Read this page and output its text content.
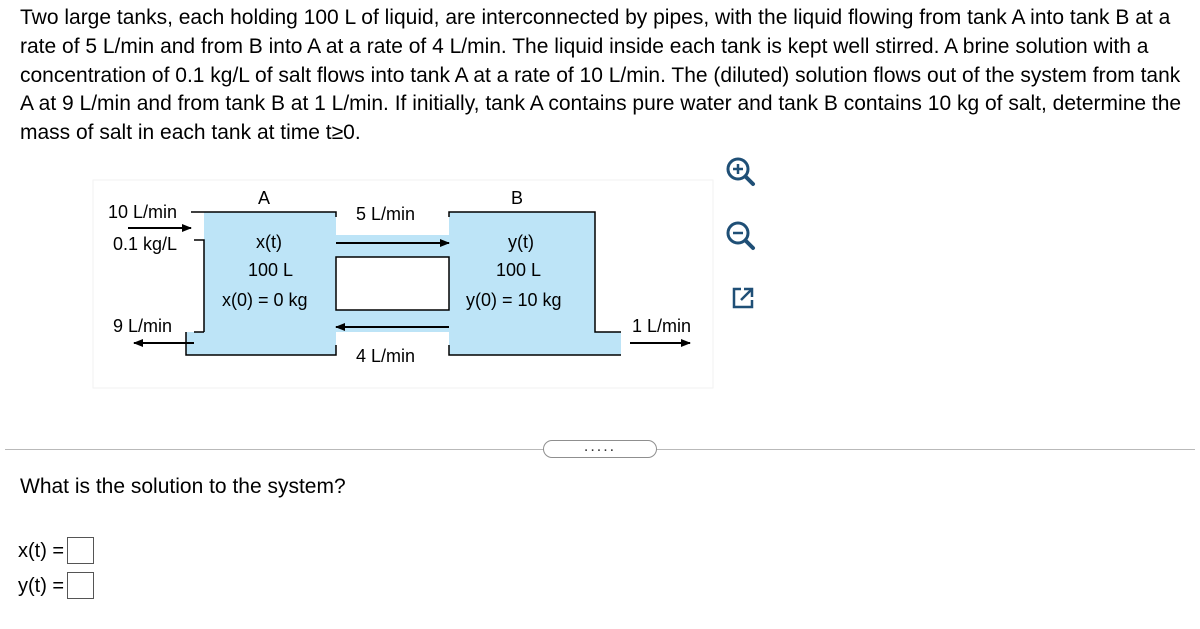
Two large tanks, each holding 100 L of liquid, are interconnected by pipes, with the liquid flowing from tank A into tank B at a rate of 5 L/min and from B into A at a rate of 4 L/min. The liquid inside each tank is kept well stirred. A brine solution with a concentration of 0.1 kg/L of salt flows into tank A at a rate of 10 L/min. The (diluted) solution flows out of the system from tank A at 9 L/min and from tank B at 1 L/min. If initially, tank A contains pure water and tank B contains 10 kg of salt, determine the mass of salt in each tank at time t≥0.

A	B
10 L/min
0.1 kg/L
9 L/min	1 L/min
5 L/min
4 L/min
x(t)
100 L
x(0) = 0 kg
y(t)
100 L
y(0) = 10 kg
.....
What is the solution to the system?
x(t) =
y(t) =
